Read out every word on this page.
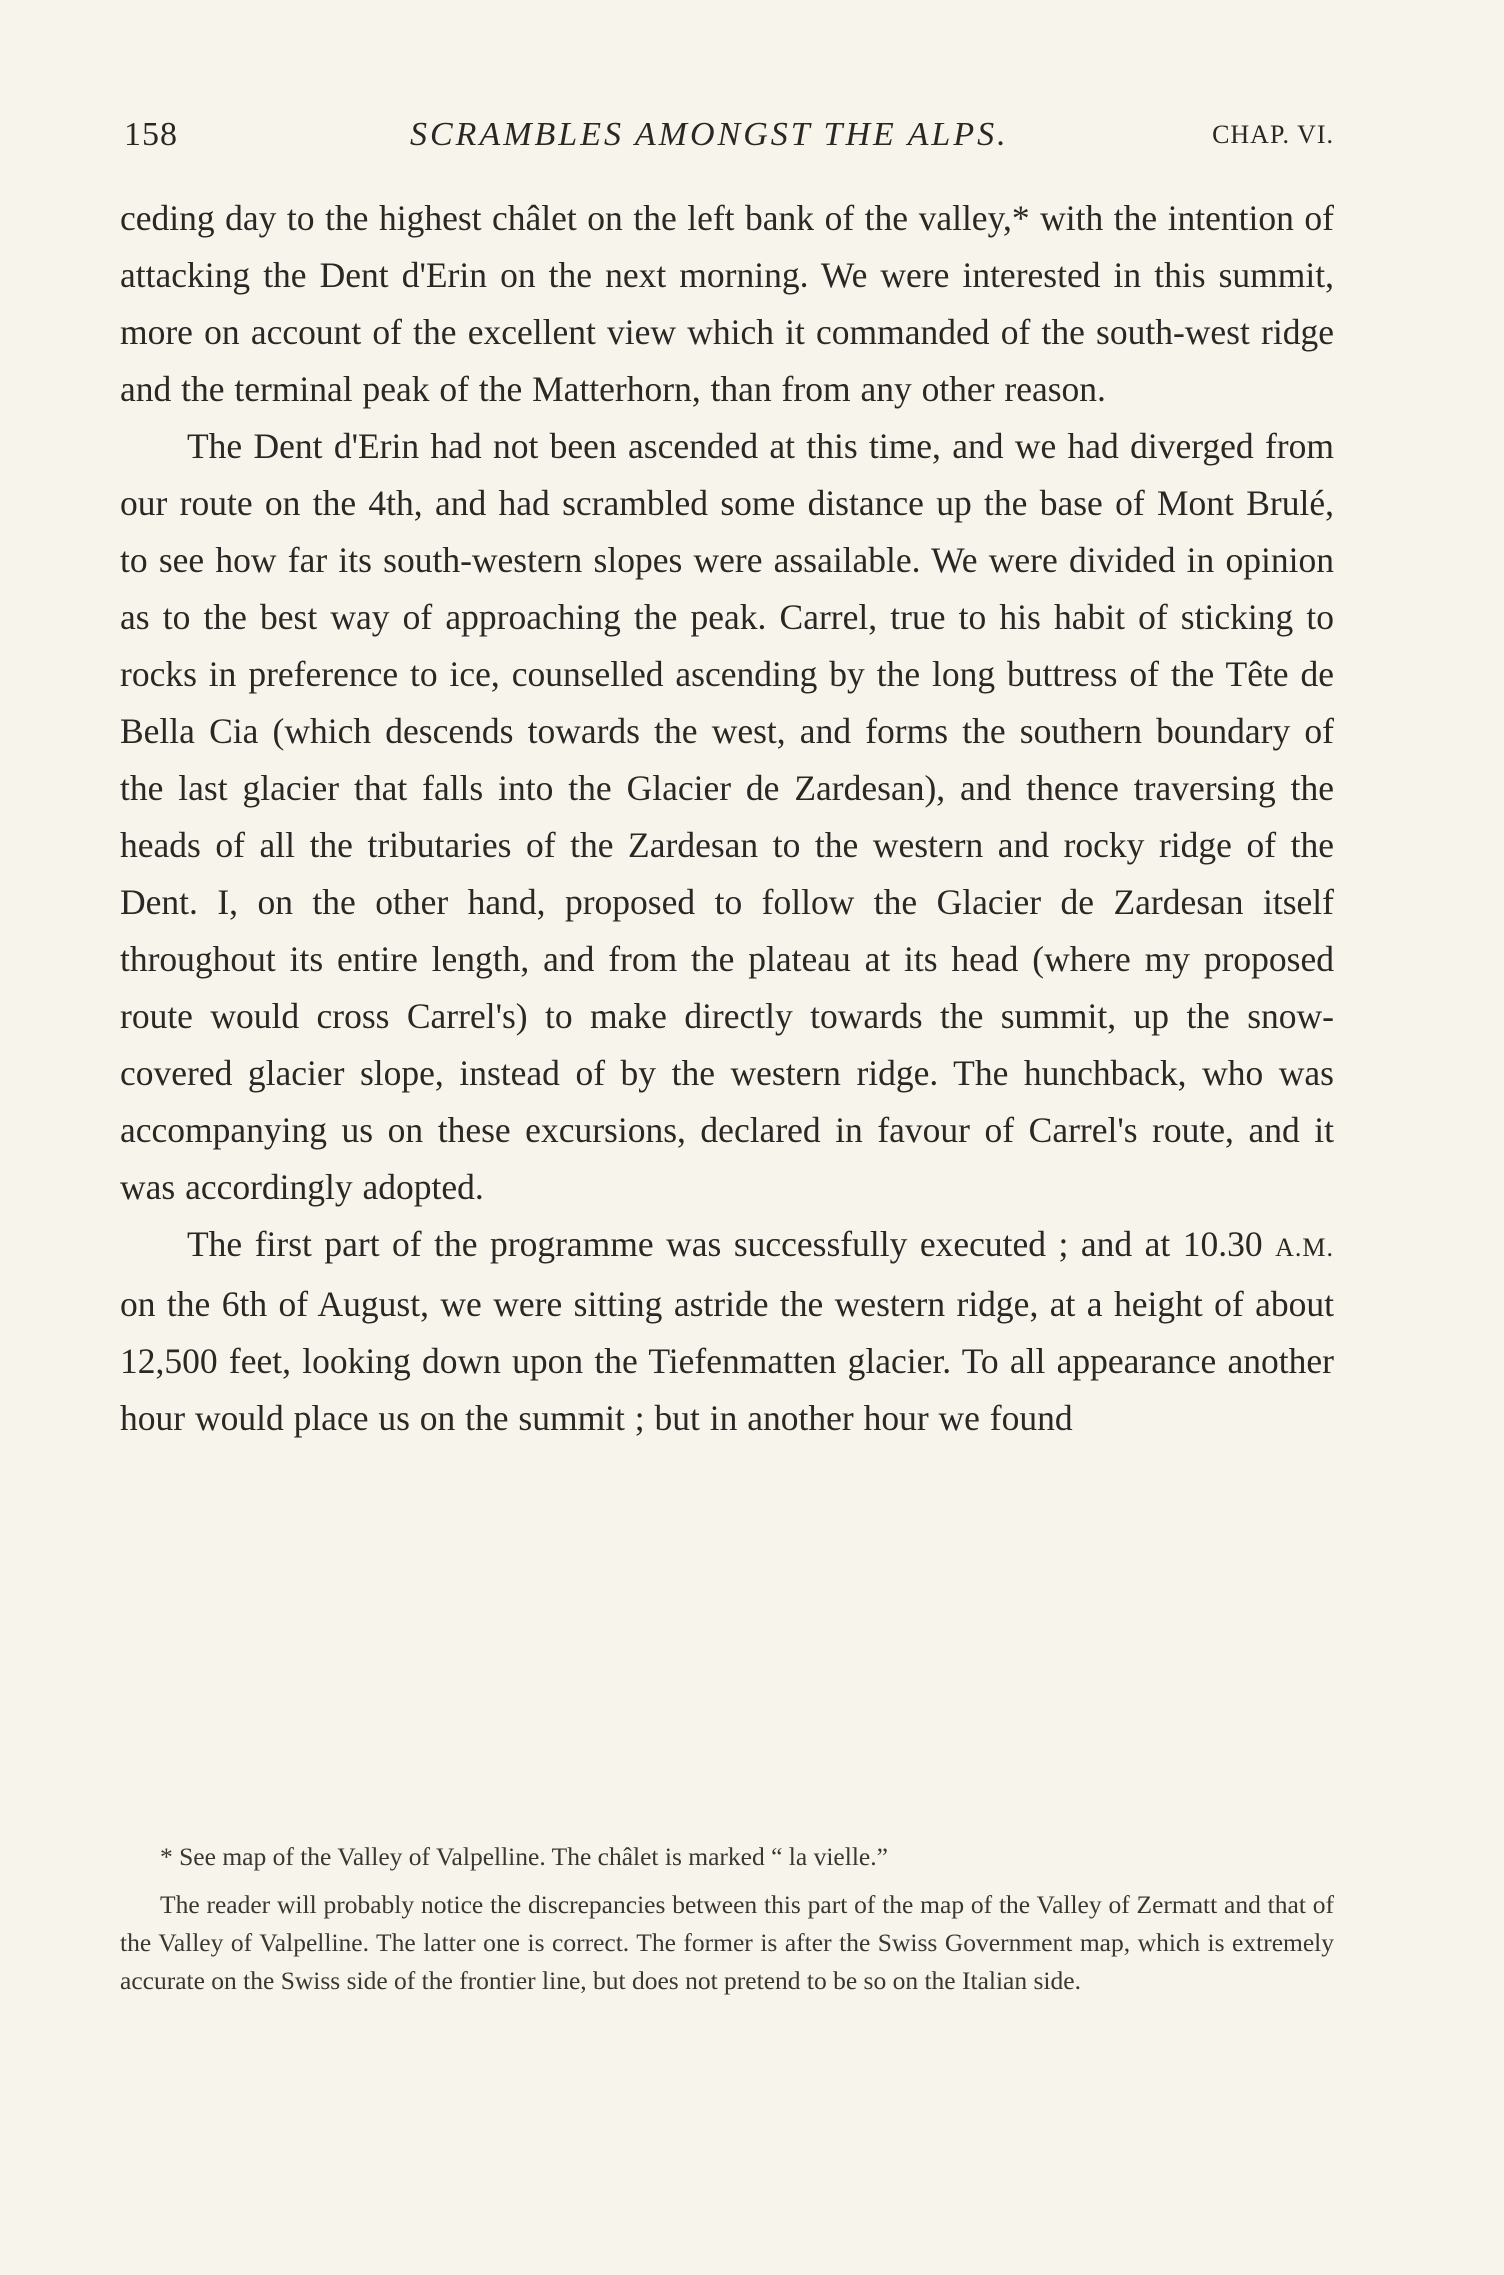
158	SCRAMBLES AMONGST THE ALPS.	CHAP. VI.

ceding day to the highest châlet on the left bank of the valley,* with the intention of attacking the Dent d'Erin on the next morning. We were interested in this summit, more on account of the excellent view which it commanded of the south-west ridge and the terminal peak of the Matterhorn, than from any other reason.

The Dent d'Erin had not been ascended at this time, and we had diverged from our route on the 4th, and had scrambled some distance up the base of Mont Brulé, to see how far its south-western slopes were assailable. We were divided in opinion as to the best way of approaching the peak. Carrel, true to his habit of sticking to rocks in preference to ice, counselled ascending by the long buttress of the Tête de Bella Cia (which descends towards the west, and forms the southern boundary of the last glacier that falls into the Glacier de Zardesan), and thence traversing the heads of all the tributaries of the Zardesan to the western and rocky ridge of the Dent. I, on the other hand, proposed to follow the Glacier de Zardesan itself throughout its entire length, and from the plateau at its head (where my proposed route would cross Carrel's) to make directly towards the summit, up the snow-covered glacier slope, instead of by the western ridge. The hunchback, who was accompanying us on these excursions, declared in favour of Carrel's route, and it was accordingly adopted.

The first part of the programme was successfully executed ; and at 10.30 A.M. on the 6th of August, we were sitting astride the western ridge, at a height of about 12,500 feet, looking down upon the Tiefenmatten glacier. To all appearance another hour would place us on the summit ; but in another hour we found

* See map of the Valley of Valpelline. The châlet is marked “ la vielle.”

The reader will probably notice the discrepancies between this part of the map of the Valley of Zermatt and that of the Valley of Valpelline. The latter one is correct. The former is after the Swiss Government map, which is extremely accurate on the Swiss side of the frontier line, but does not pretend to be so on the Italian side.
